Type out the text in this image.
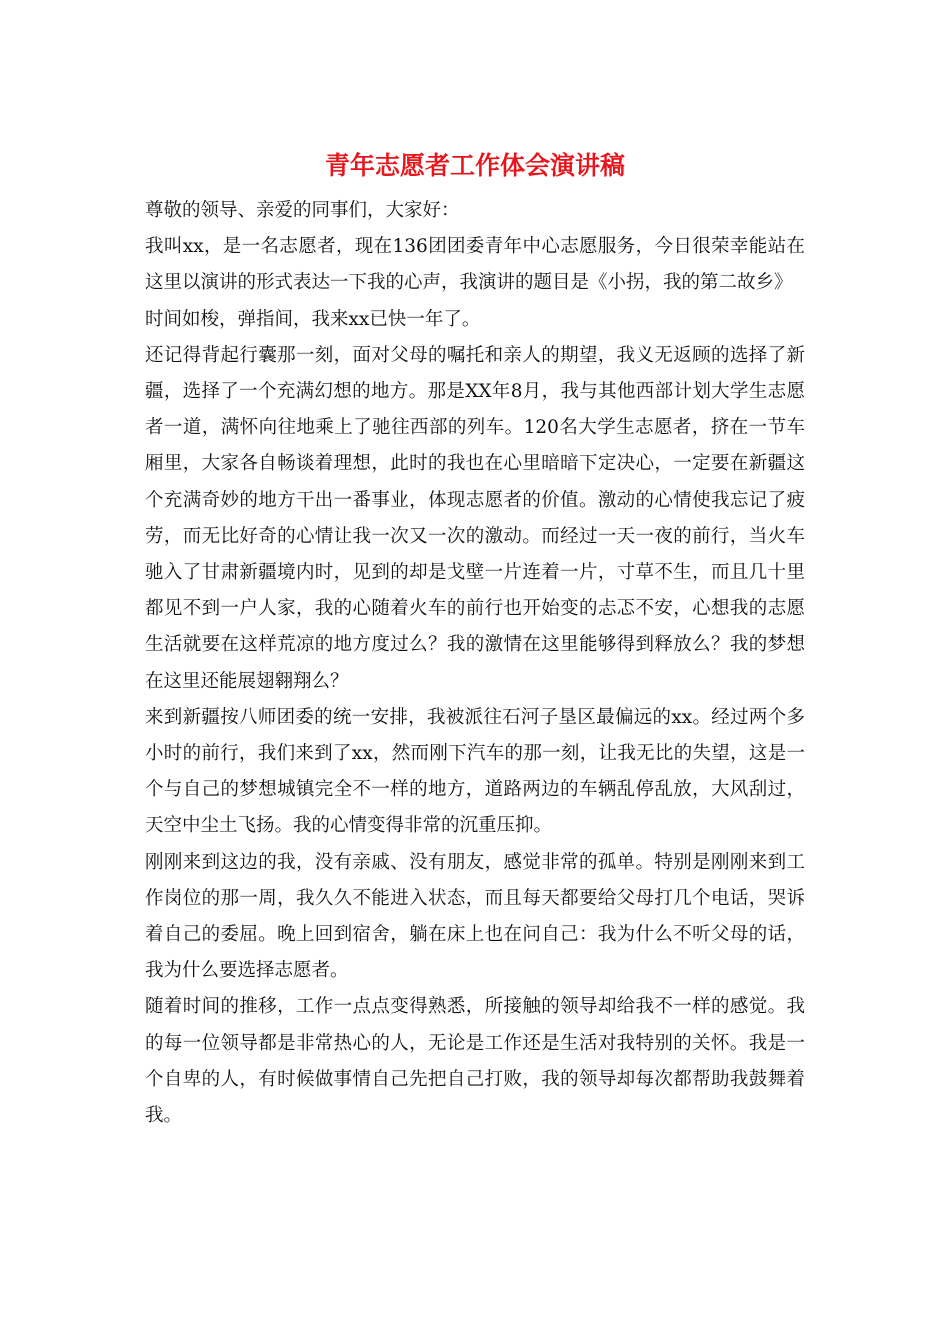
青年志愿者工作体会演讲稿

尊敬的领导、亲爱的同事们，大家好：

我叫xx，是一名志愿者，现在136团团委青年中心志愿服务，今日很荣幸能站在这里以演讲的形式表达一下我的心声，我演讲的题目是《小拐，我的第二故乡》

时间如梭，弹指间，我来xx已快一年了。

还记得背起行囊那一刻，面对父母的嘱托和亲人的期望，我义无返顾的选择了新疆，选择了一个充满幻想的地方。那是XX年8月，我与其他西部计划大学生志愿者一道，满怀向往地乘上了驰往西部的列车。120名大学生志愿者，挤在一节车厢里，大家各自畅谈着理想，此时的我也在心里暗暗下定决心，一定要在新疆这个充满奇妙的地方干出一番事业，体现志愿者的价值。激动的心情使我忘记了疲劳，而无比好奇的心情让我一次又一次的激动。而经过一天一夜的前行，当火车驰入了甘肃新疆境内时，见到的却是戈壁一片连着一片，寸草不生，而且几十里都见不到一户人家，我的心随着火车的前行也开始变的忐忑不安，心想我的志愿生活就要在这样荒凉的地方度过么？我的激情在这里能够得到释放么？我的梦想在这里还能展翅翱翔么？

来到新疆按八师团委的统一安排，我被派往石河子垦区最偏远的xx。经过两个多小时的前行，我们来到了xx，然而刚下汽车的那一刻，让我无比的失望，这是一个与自己的梦想城镇完全不一样的地方，道路两边的车辆乱停乱放，大风刮过，天空中尘土飞扬。我的心情变得非常的沉重压抑。

刚刚来到这边的我，没有亲戚、没有朋友，感觉非常的孤单。特别是刚刚来到工作岗位的那一周，我久久不能进入状态，而且每天都要给父母打几个电话，哭诉着自己的委屈。晚上回到宿舍，躺在床上也在问自己：我为什么不听父母的话，我为什么要选择志愿者。

随着时间的推移，工作一点点变得熟悉，所接触的领导却给我不一样的感觉。我的每一位领导都是非常热心的人，无论是工作还是生活对我特别的关怀。我是一个自卑的人，有时候做事情自己先把自己打败，我的领导却每次都帮助我鼓舞着我。
